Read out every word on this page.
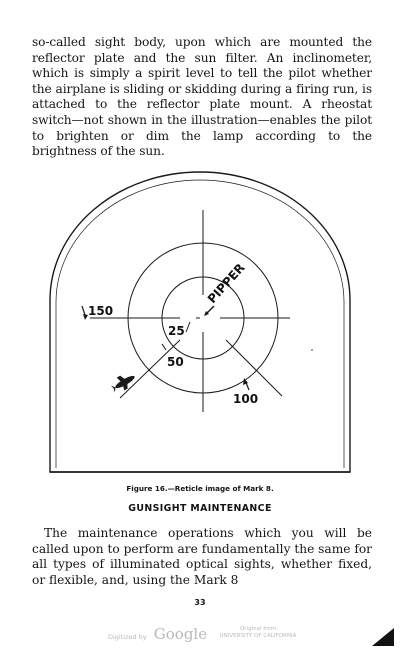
so-called sight body, upon which are mounted the reflector plate and the sun filter. An inclinometer, which is simply a spirit level to tell the pilot whether the airplane is sliding or skidding during a firing run, is attached to the reflector plate mount. A rheostat switch—not shown in the illustration—enables the pilot to brighten or dim the lamp according to the brightness of the sun.

PIPPER
150
25
50
100

Figure 16.—Reticle image of Mark 8.

GUNSIGHT MAINTENANCE

The maintenance operations which you will be called upon to perform are fundamentally the same for all types of illuminated optical sights, whether fixed, or flexible, and, using the Mark 8

33

Digitized by Google	Original from
UNIVERSITY OF CALIFORNIA
